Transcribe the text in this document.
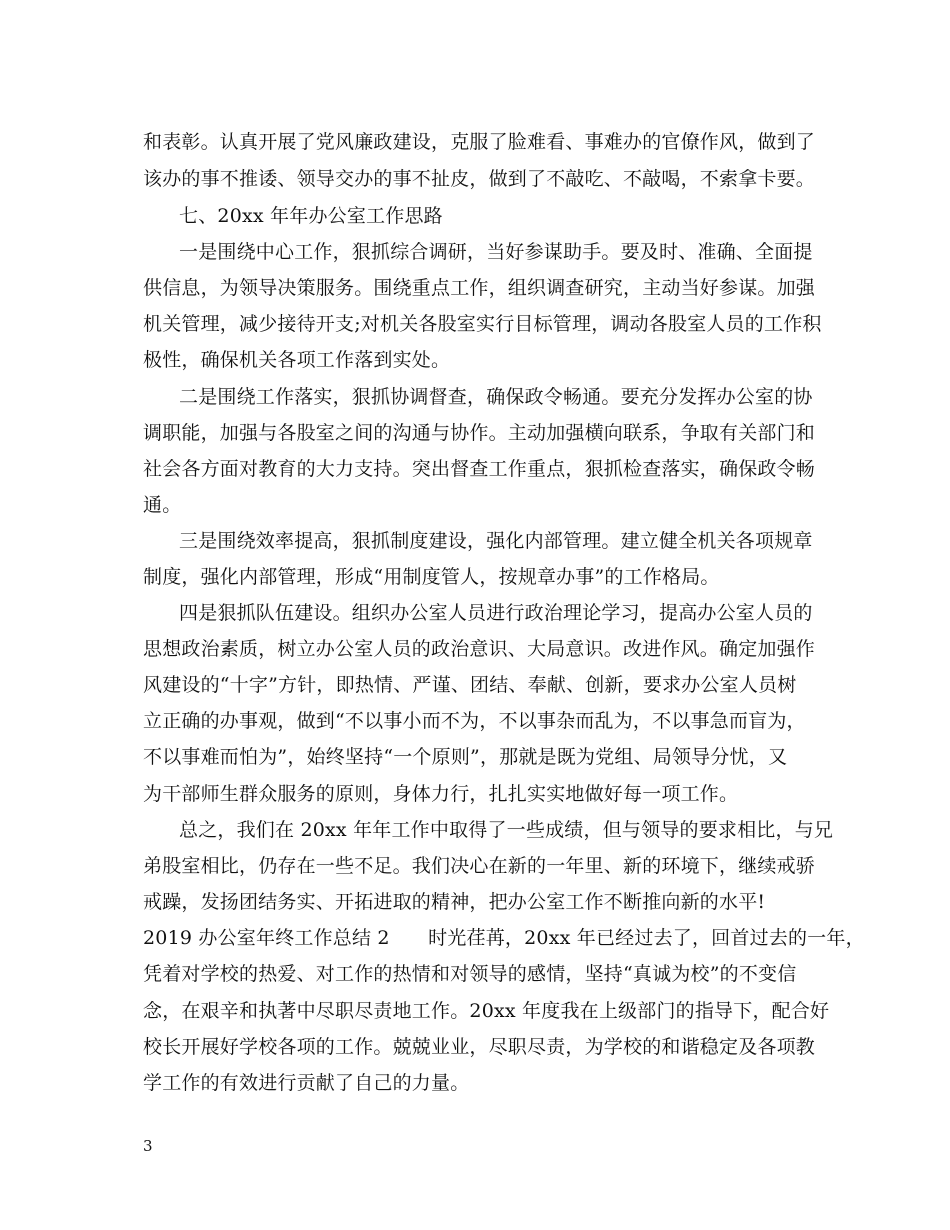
和表彰。认真开展了党风廉政建设，克服了脸难看、事难办的官僚作风，做到了
该办的事不推诿、领导交办的事不扯皮，做到了不敲吃、不敲喝，不索拿卡要。
七、20xx 年年办公室工作思路
一是围绕中心工作，狠抓综合调研，当好参谋助手。要及时、准确、全面提
供信息，为领导决策服务。围绕重点工作，组织调查研究，主动当好参谋。加强
机关管理，减少接待开支;对机关各股室实行目标管理，调动各股室人员的工作积
极性，确保机关各项工作落到实处。
二是围绕工作落实，狠抓协调督查，确保政令畅通。要充分发挥办公室的协
调职能，加强与各股室之间的沟通与协作。主动加强横向联系，争取有关部门和
社会各方面对教育的大力支持。突出督查工作重点，狠抓检查落实，确保政令畅
通。
三是围绕效率提高，狠抓制度建设，强化内部管理。建立健全机关各项规章
制度，强化内部管理，形成“用制度管人，按规章办事”的工作格局。
四是狠抓队伍建设。组织办公室人员进行政治理论学习，提高办公室人员的
思想政治素质，树立办公室人员的政治意识、大局意识。改进作风。确定加强作
风建设的“十字”方针，即热情、严谨、团结、奉献、创新，要求办公室人员树
立正确的办事观，做到“不以事小而不为，不以事杂而乱为，不以事急而盲为，
不以事难而怕为”，始终坚持“一个原则”，那就是既为党组、局领导分忧，又
为干部师生群众服务的原则，身体力行，扎扎实实地做好每一项工作。
总之，我们在 20xx 年年工作中取得了一些成绩，但与领导的要求相比，与兄
弟股室相比，仍存在一些不足。我们决心在新的一年里、新的环境下，继续戒骄
戒躁，发扬团结务实、开拓进取的精神，把办公室工作不断推向新的水平!
2019 办公室年终工作总结 2　　时光荏苒，20xx 年已经过去了，回首过去的一年，
凭着对学校的热爱、对工作的热情和对领导的感情，坚持“真诚为校”的不变信
念，在艰辛和执著中尽职尽责地工作。20xx 年度我在上级部门的指导下，配合好
校长开展好学校各项的工作。兢兢业业，尽职尽责，为学校的和谐稳定及各项教
学工作的有效进行贡献了自己的力量。
3
